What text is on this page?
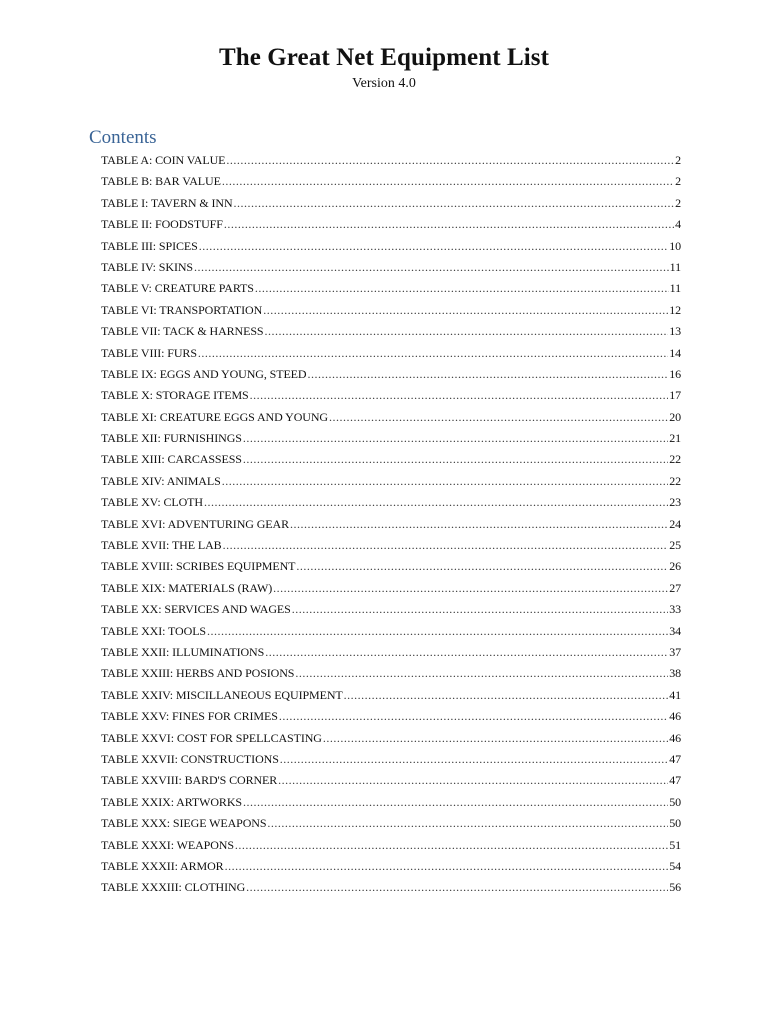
The Great Net Equipment List
Version 4.0
Contents
TABLE A: COIN VALUE .....	2
TABLE B: BAR VALUE .....	2
TABLE I: TAVERN & INN .....	2
TABLE II: FOODSTUFF .....	4
TABLE III: SPICES .....	10
TABLE IV: SKINS .....	11
TABLE V: CREATURE PARTS .....	11
TABLE VI: TRANSPORTATION .....	12
TABLE VII: TACK & HARNESS .....	13
TABLE VIII: FURS .....	14
TABLE IX: EGGS AND YOUNG, STEED .....	16
TABLE X: STORAGE ITEMS .....	17
TABLE XI: CREATURE EGGS AND YOUNG .....	20
TABLE XII: FURNISHINGS .....	21
TABLE XIII: CARCASSESS .....	22
TABLE XIV: ANIMALS .....	22
TABLE XV: CLOTH .....	23
TABLE XVI: ADVENTURING GEAR .....	24
TABLE XVII: THE LAB .....	25
TABLE XVIII: SCRIBES EQUIPMENT .....	26
TABLE XIX: MATERIALS (RAW) .....	27
TABLE XX: SERVICES AND WAGES .....	33
TABLE XXI: TOOLS .....	34
TABLE XXII: ILLUMINATIONS .....	37
TABLE XXIII: HERBS AND POSIONS .....	38
TABLE XXIV: MISCILLANEOUS EQUIPMENT .....	41
TABLE XXV: FINES FOR CRIMES .....	46
TABLE XXVI: COST FOR SPELLCASTING .....	46
TABLE XXVII: CONSTRUCTIONS .....	47
TABLE XXVIII: BARD'S CORNER .....	47
TABLE XXIX: ARTWORKS .....	50
TABLE XXX: SIEGE WEAPONS .....	50
TABLE XXXI: WEAPONS .....	51
TABLE XXXII: ARMOR .....	54
TABLE XXXIII: CLOTHING .....	56
